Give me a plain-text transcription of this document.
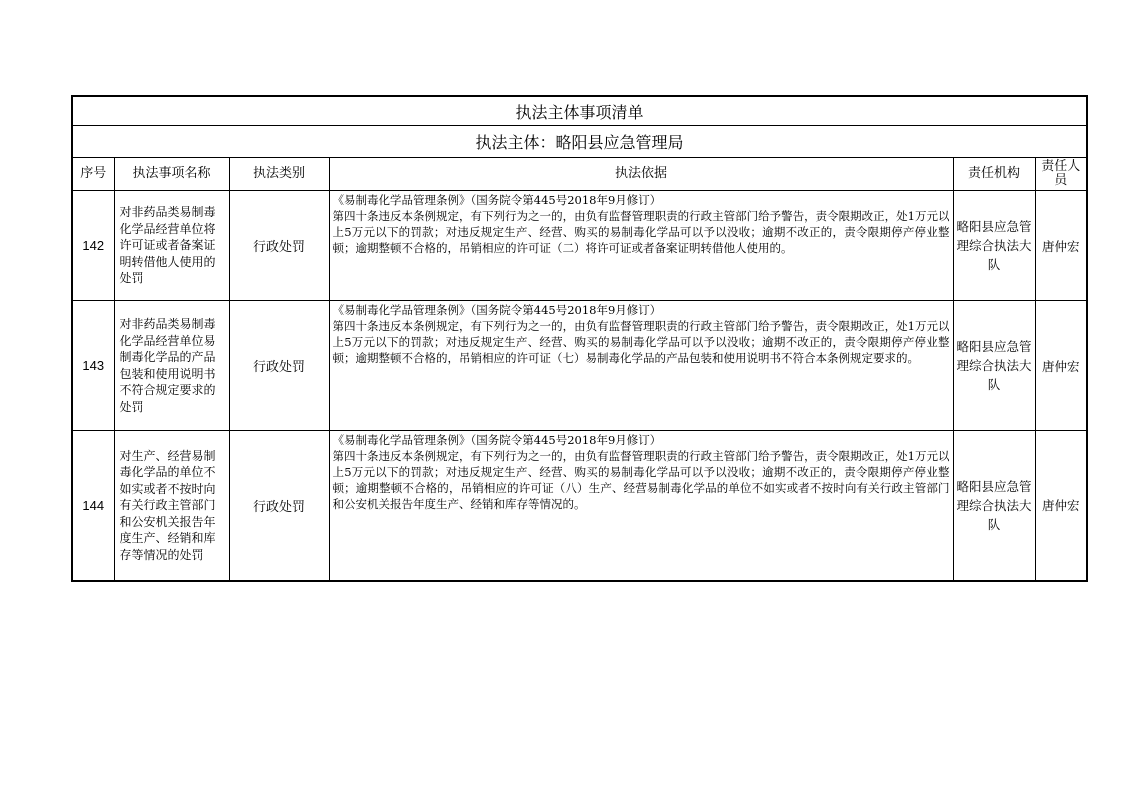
执法主体事项清单					
执法主体：略阳县应急管理局					
序号	执法事项名称	执法类别	执法依据	责任机构	责任人员
142	对非药品类易制毒化学品经营单位将许可证或者备案证明转借他人使用的处罚	行政处罚	《易制毒化学品管理条例》（国务院令第445号2018年9月修订）
第四十条违反本条例规定，有下列行为之一的，由负有监督管理职责的行政主管部门给予警告，责令限期改正，处1万元以上5万元以下的罚款；对违反规定生产、经营、购买的易制毒化学品可以予以没收；逾期不改正的，责令限期停产停业整顿；逾期整顿不合格的，吊销相应的许可证（二）将许可证或者备案证明转借他人使用的。	略阳县应急管理综合执法大队	唐仲宏
143	对非药品类易制毒化学品经营单位易制毒化学品的产品包装和使用说明书不符合规定要求的处罚	行政处罚	《易制毒化学品管理条例》（国务院令第445号2018年9月修订）
第四十条违反本条例规定，有下列行为之一的，由负有监督管理职责的行政主管部门给予警告，责令限期改正，处1万元以上5万元以下的罚款；对违反规定生产、经营、购买的易制毒化学品可以予以没收；逾期不改正的，责令限期停产停业整顿；逾期整顿不合格的，吊销相应的许可证（七）易制毒化学品的产品包装和使用说明书不符合本条例规定要求的。	略阳县应急管理综合执法大队	唐仲宏
144	对生产、经营易制毒化学品的单位不如实或者不按时向有关行政主管部门和公安机关报告年度生产、经销和库存等情况的处罚	行政处罚	《易制毒化学品管理条例》（国务院令第445号2018年9月修订）
第四十条违反本条例规定，有下列行为之一的，由负有监督管理职责的行政主管部门给予警告，责令限期改正，处1万元以上5万元以下的罚款；对违反规定生产、经营、购买的易制毒化学品可以予以没收；逾期不改正的，责令限期停产停业整顿；逾期整顿不合格的，吊销相应的许可证（八）生产、经营易制毒化学品的单位不如实或者不按时向有关行政主管部门和公安机关报告年度生产、经销和库存等情况的。	略阳县应急管理综合执法大队	唐仲宏
